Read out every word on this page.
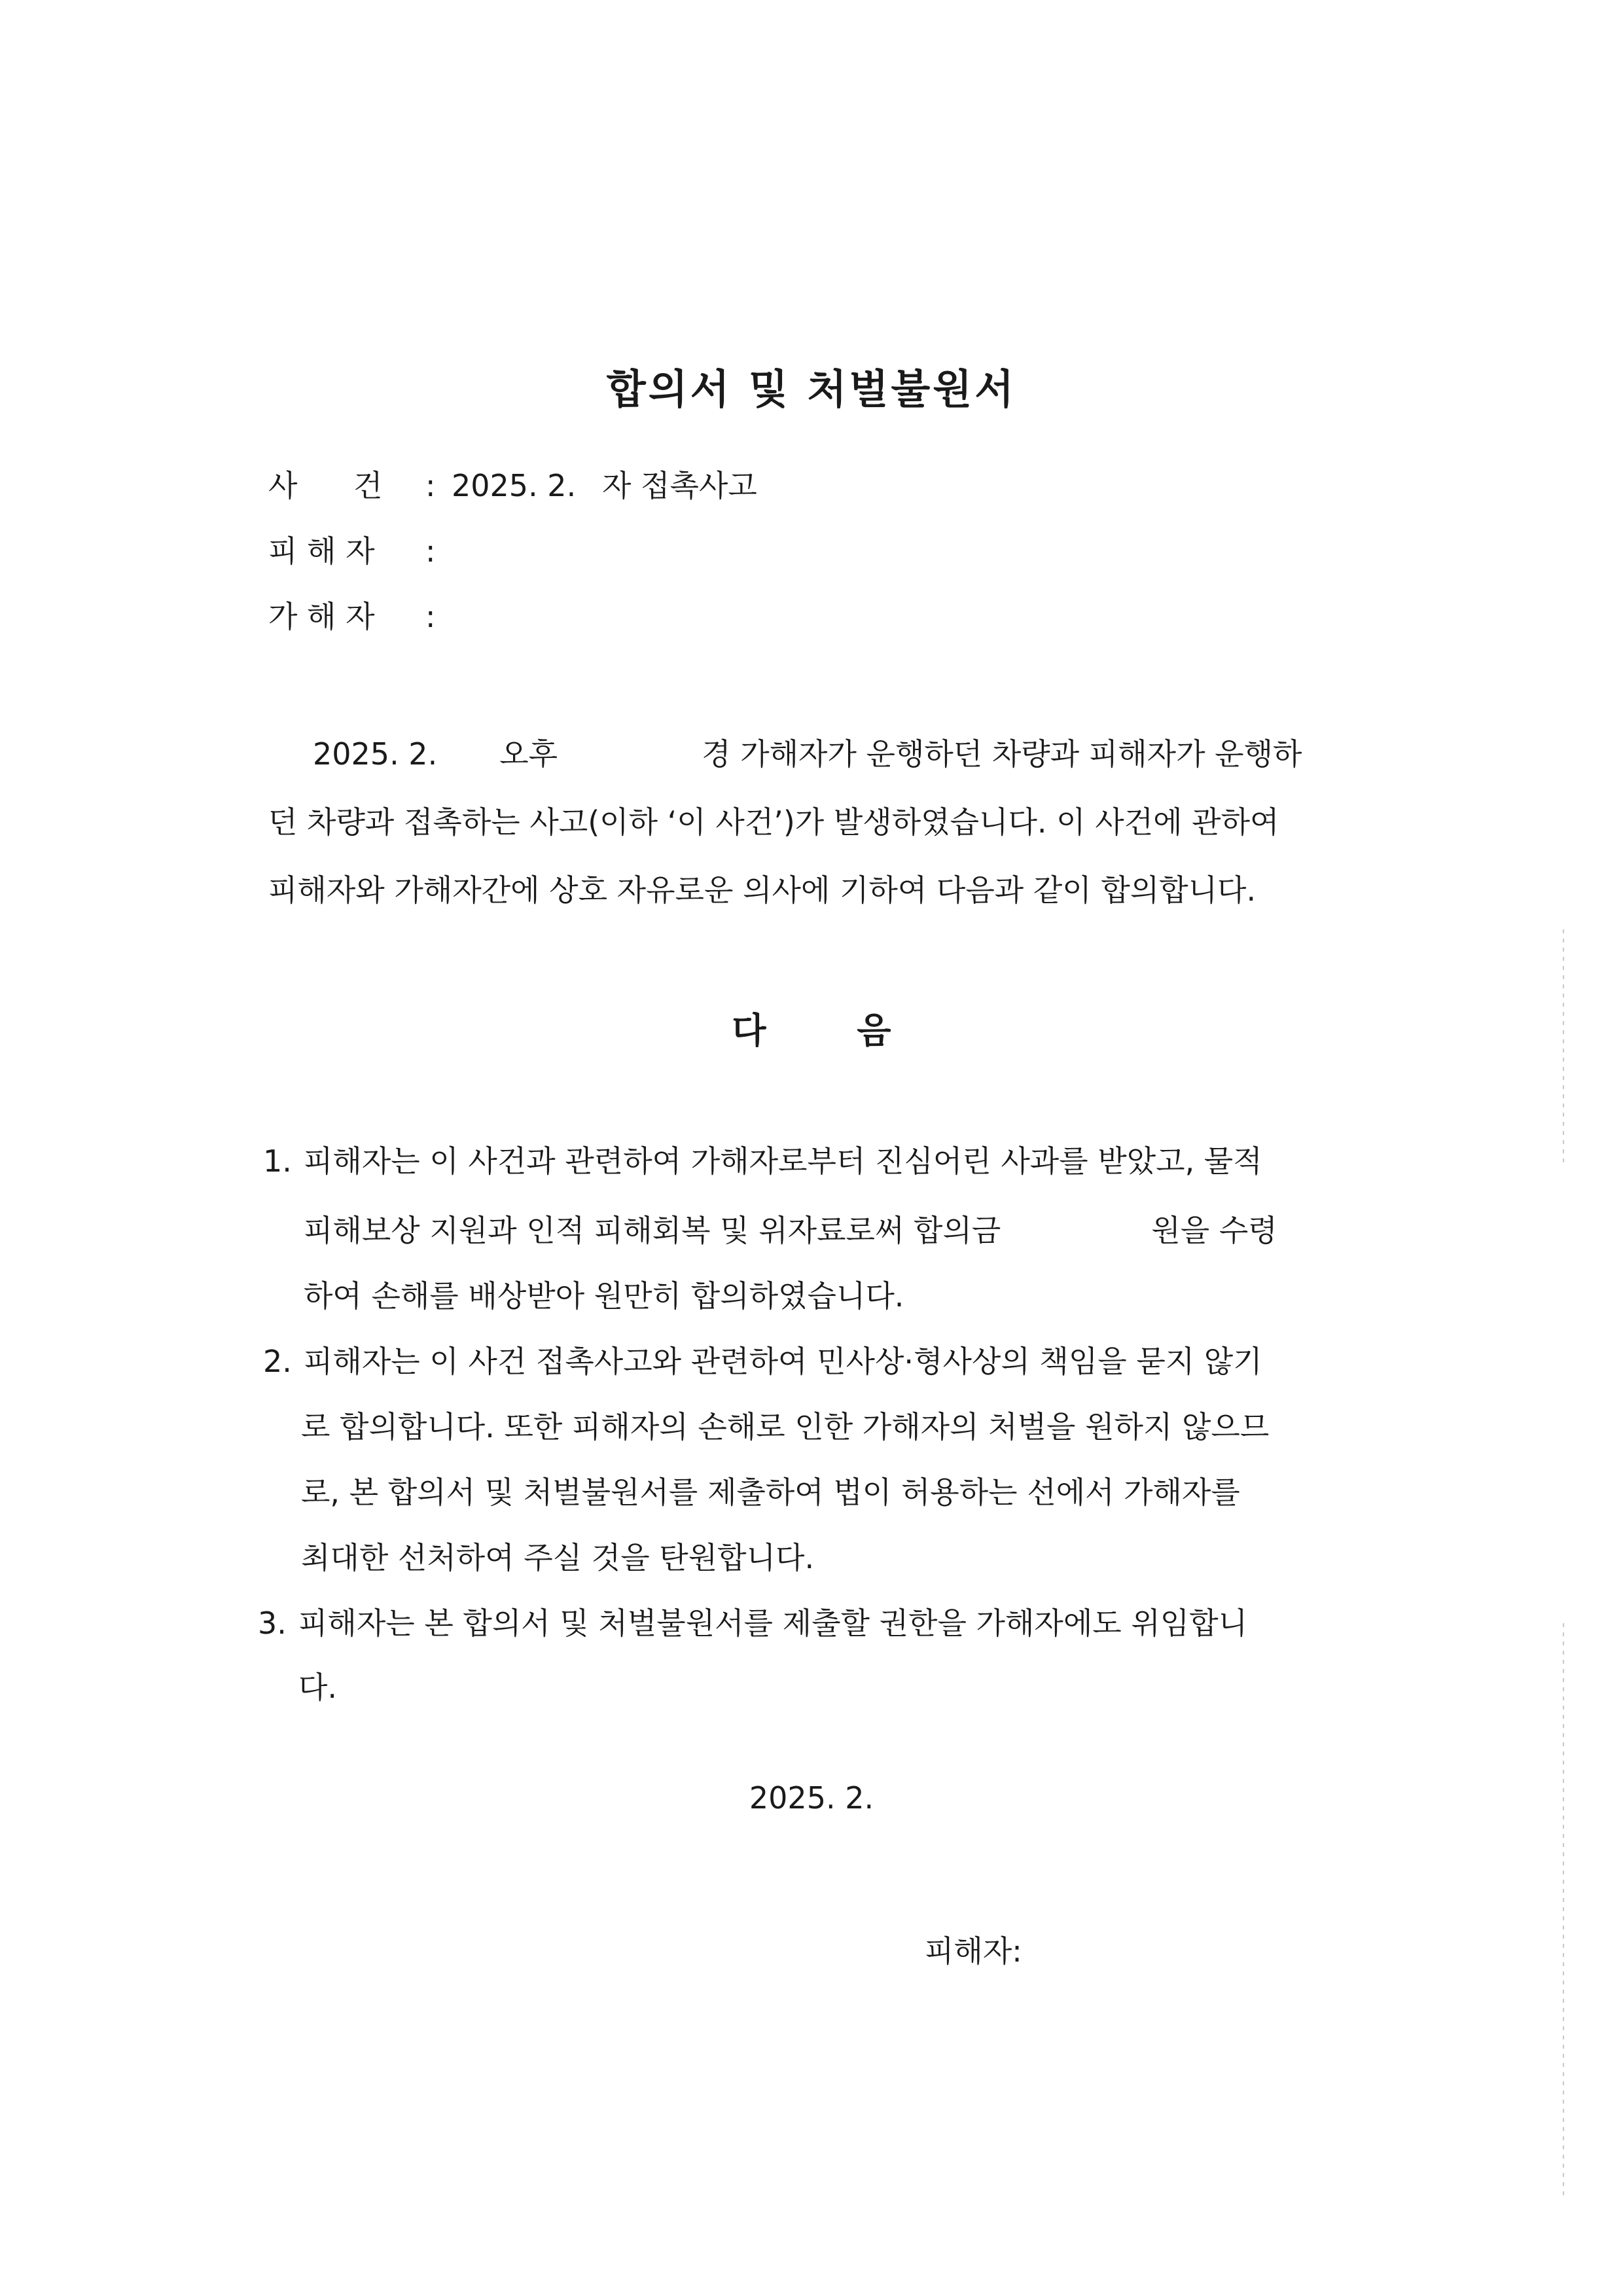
합의서 및 처벌불원서
사 건 : 2025. 2. 자 접촉사고
피 해 자 :
가 해 자 :
2025. 2. 오후	경 가해자가 운행하던 차량과 피해자가 운행하
던 차량과 접촉하는 사고(이하 ‘이 사건’)가 발생하였습니다. 이 사건에 관하여
피해자와 가해자간에 상호 자유로운 의사에 기하여 다음과 같이 합의합니다.
다 음
1. 피해자는 이 사건과 관련하여 가해자로부터 진심어린 사과를 받았고, 물적
피해보상 지원과 인적 피해회복 및 위자료로써 합의금	원을 수령
하여 손해를 배상받아 원만히 합의하였습니다.
2. 피해자는 이 사건 접촉사고와 관련하여 민사상·형사상의 책임을 묻지 않기
로 합의합니다. 또한 피해자의 손해로 인한 가해자의 처벌을 원하지 않으므
로, 본 합의서 및 처벌불원서를 제출하여 법이 허용하는 선에서 가해자를
최대한 선처하여 주실 것을 탄원합니다.
3. 피해자는 본 합의서 및 처벌불원서를 제출할 권한을 가해자에도 위임합니
다.
2025. 2.
피해자:
